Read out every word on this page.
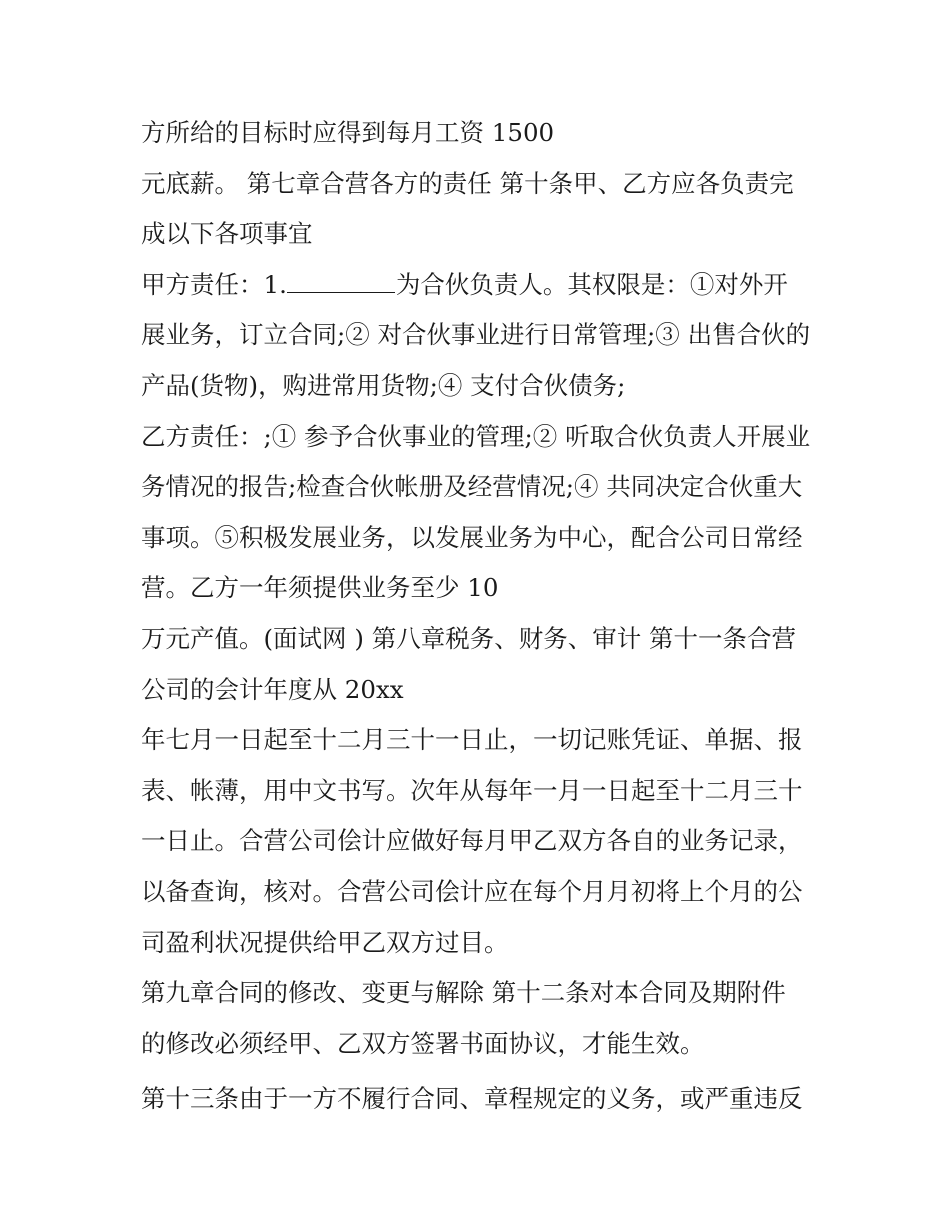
方所给的目标时应得到每月工资 1500

元底薪。 第七章合营各方的责任 第十条甲、乙方应各负责完

成以下各项事宜

甲方责任：1.	为合伙负责人。其权限是：①对外开

展业务，订立合同;② 对合伙事业进行日常管理;③ 出售合伙的

产品(货物)，购进常用货物;④ 支付合伙债务;

乙方责任：;① 参予合伙事业的管理;② 听取合伙负责人开展业

务情况的报告;检查合伙帐册及经营情况;④ 共同决定合伙重大

事项。⑤积极发展业务，以发展业务为中心，配合公司日常经

营。乙方一年须提供业务至少 10

万元产值。(面试网 ) 第八章税务、财务、审计 第十一条合营

公司的会计年度从 20xx

年七月一日起至十二月三十一日止，一切记账凭证、单据、报

表、帐薄，用中文书写。次年从每年一月一日起至十二月三十

一日止。合营公司侩计应做好每月甲乙双方各自的业务记录，

以备查询，核对。合营公司侩计应在每个月月初将上个月的公

司盈利状况提供给甲乙双方过目。

第九章合同的修改、变更与解除 第十二条对本合同及期附件

的修改必须经甲、乙双方签署书面协议，才能生效。

第十三条由于一方不履行合同、章程规定的义务，或严重违反
